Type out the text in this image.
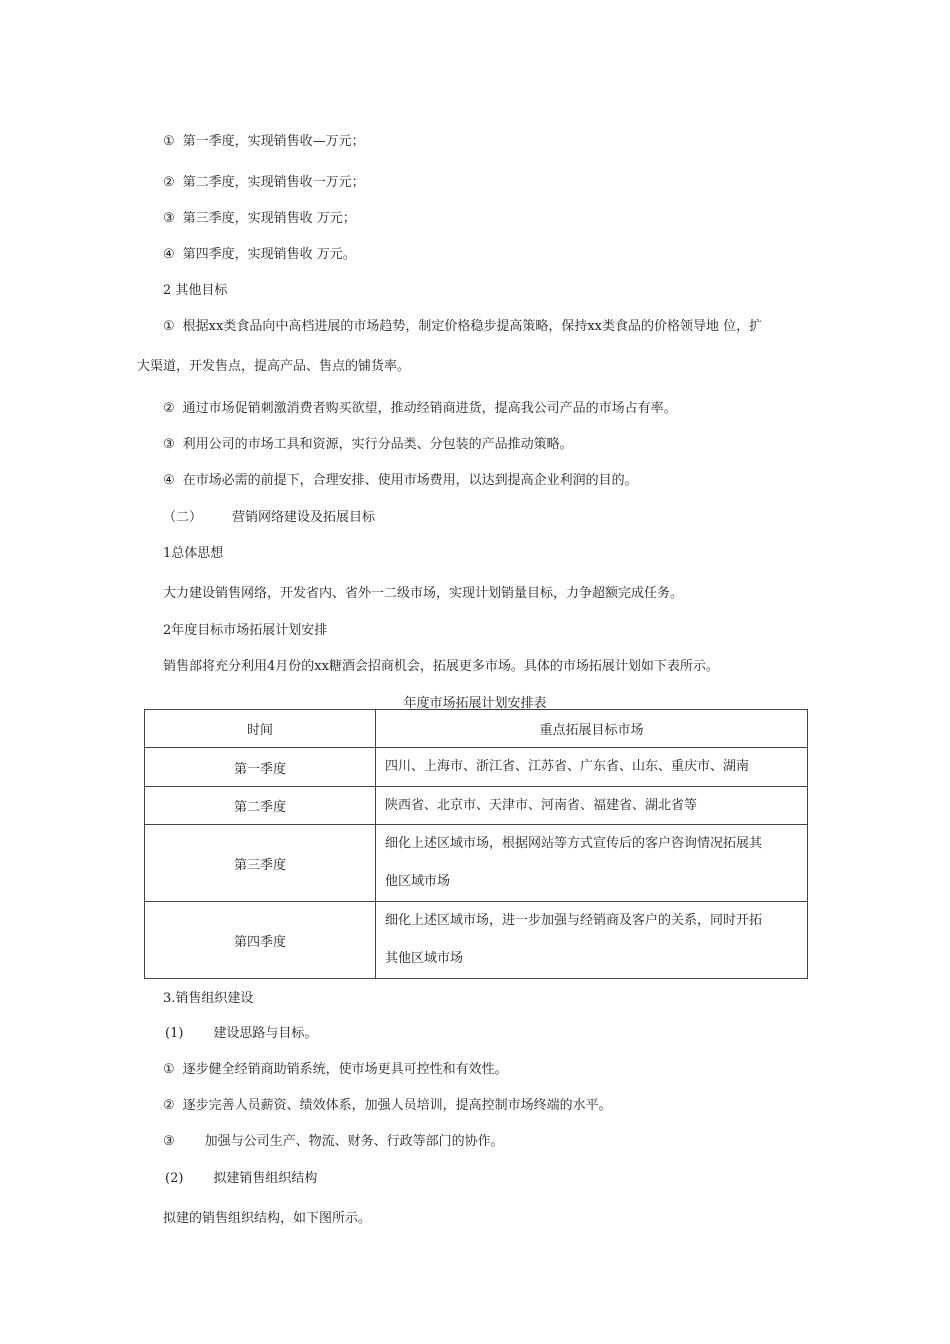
① 第一季度，实现销售收—万元；
② 第二季度，实现销售收一万元；
③ 第三季度，实现销售收 万元；
④ 第四季度，实现销售收 万元。
2 其他目标
① 根据xx类食品向中高档进展的市场趋势，制定价格稳步提高策略，保持xx类食品的价格领导地 位，扩
大渠道，开发售点，提高产品、售点的铺货率。
② 通过市场促销刺激消费者购买欲望，推动经销商进货，提高我公司产品的市场占有率。
③ 利用公司的市场工具和资源，实行分品类、分包装的产品推动策略。
④ 在市场必需的前提下，合理安排、使用市场费用，以达到提高企业利润的目的。
（二） 营销网络建设及拓展目标
1总体思想
大力建设销售网络，开发省内、省外一二级市场，实现计划销量目标，力争超额完成任务。
2年度目标市场拓展计划安排
销售部将充分利用4月份的xx糖酒会招商机会，拓展更多市场。具体的市场拓展计划如下表所示。
年度市场拓展计划安排表
时间	重点拓展目标市场
第一季度	四川、上海市、浙江省、江苏省、广东省、山东、重庆市、湖南
第二季度	陕西省、北京市、天津市、河南省、福建省、湖北省等
第三季度	细化上述区域市场，根据网站等方式宣传后的客户咨询情况拓展其
他区域市场

第四季度	细化上述区域市场，进一步加强与经销商及客户的关系，同时开拓
其他区域市场
3.销售组织建设
(1) 建设思路与目标。
① 逐步健全经销商助销系统，使市场更具可控性和有效性。
② 逐步完善人员薪资、绩效体系，加强人员培训，提高控制市场终端的水平。
③ 加强与公司生产、物流、财务、行政等部门的协作。
(2) 拟建销售组织结构
拟建的销售组织结构，如下图所示。
